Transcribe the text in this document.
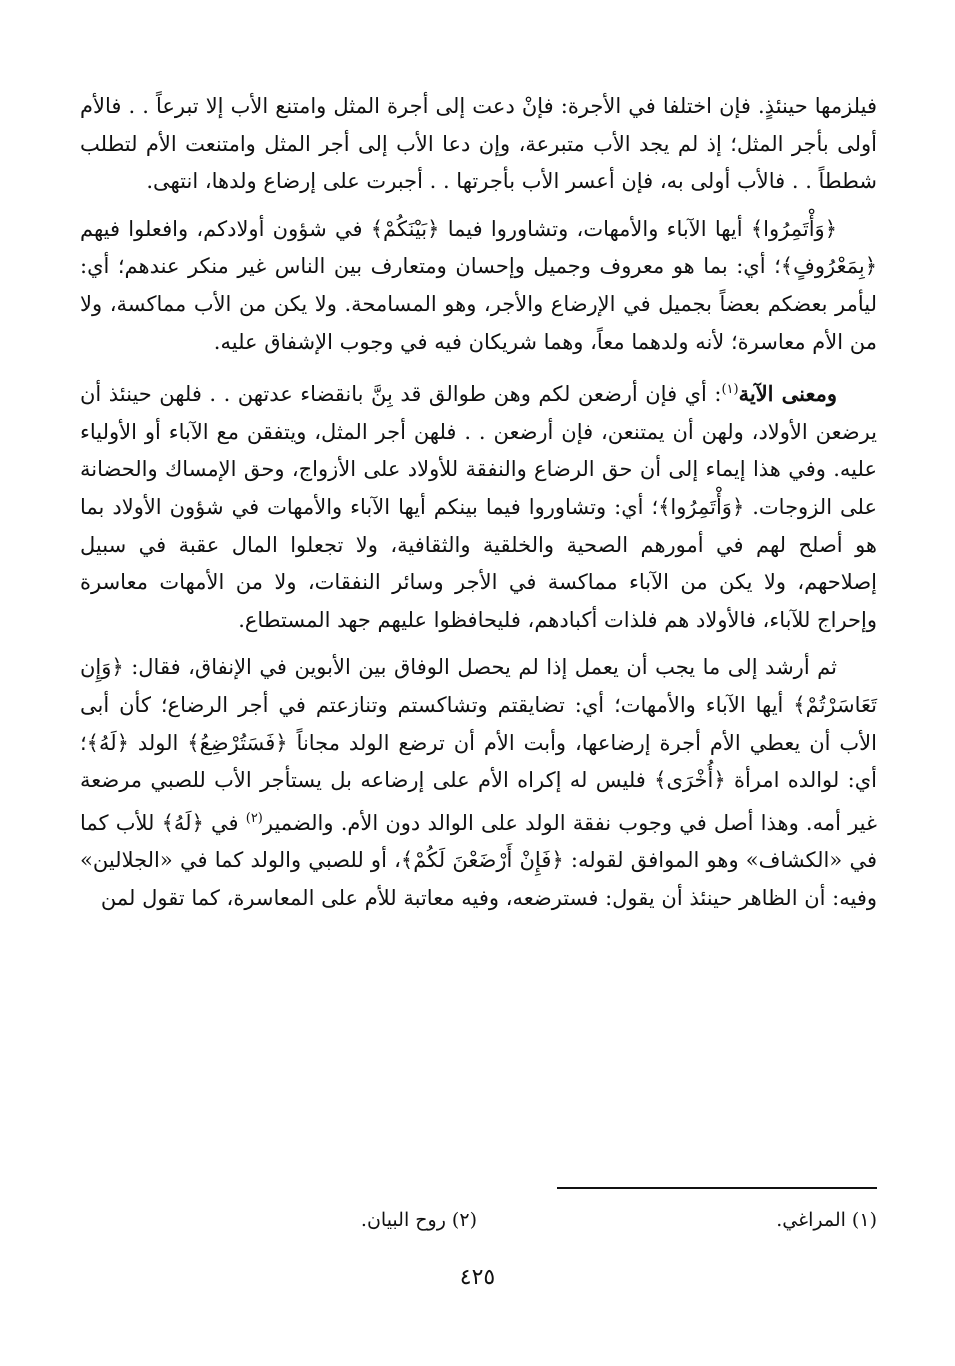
فيلزمها حينئذٍ. فإن اختلفا في الأجرة: فإنْ دعت إلى أجرة المثل وامتنع الأب إلا تبرعاً . . فالأم أولى بأجر المثل؛ إذ لم يجد الأب متبرعة، وإن دعا الأب إلى أجر المثل وامتنعت الأم لتطلب شططاً . . فالأب أولى به، فإن أعسر الأب بأجرتها . . أجبرت على إرضاع ولدها، انتهى.

﴿وَأْتَمِرُوا﴾ أيها الآباء والأمهات، وتشاوروا فيما ﴿بَيْنَكُمْ﴾ في شؤون أولادكم، وافعلوا فيهم ﴿بِمَعْرُوفٍ﴾؛ أي: بما هو معروف وجميل وإحسان ومتعارف بين الناس غير منكر عندهم؛ أي: ليأمر بعضكم بعضاً بجميل في الإرضاع والأجر، وهو المسامحة. ولا يكن من الأب مماكسة، ولا من الأم معاسرة؛ لأنه ولدهما معاً، وهما شريكان فيه في وجوب الإشفاق عليه.

ومعنى الآية$^{(١)}$: أي فإن أرضعن لكم وهن طوالق قد بِنَّ بانقضاء عدتهن . . فلهن حينئذ أن يرضعن الأولاد، ولهن أن يمتنعن، فإن أرضعن . . فلهن أجر المثل، ويتفقن مع الآباء أو الأولياء عليه. وفي هذا إيماء إلى أن حق الرضاع والنفقة للأولاد على الأزواج، وحق الإمساك والحضانة على الزوجات. ﴿وَأْتَمِرُوا﴾؛ أي: وتشاوروا فيما بينكم أيها الآباء والأمهات في شؤون الأولاد بما هو أصلح لهم في أمورهم الصحية والخلقية والثقافية، ولا تجعلوا المال عقبة في سبيل إصلاحهم، ولا يكن من الآباء مماكسة في الأجر وسائر النفقات، ولا من الأمهات معاسرة وإحراج للآباء، فالأولاد هم فلذات أكبادهم، فليحافظوا عليهم جهد المستطاع.

ثم أرشد إلى ما يجب أن يعمل إذا لم يحصل الوفاق بين الأبوين في الإنفاق، فقال: ﴿وَإِن تَعَاسَرْتُمْ﴾ أيها الآباء والأمهات؛ أي: تضايقتم وتشاكستم وتنازعتم في أجر الرضاع؛ كأن أبى الأب أن يعطي الأم أجرة إرضاعها، وأبت الأم أن ترضع الولد مجاناً ﴿فَسَتُرْضِعُ﴾ الولد ﴿لَهُ﴾؛ أي: لوالده امرأة ﴿أُخْرَى﴾ فليس له إكراه الأم على إرضاعه بل يستأجر الأب للصبي مرضعة غير أمه. وهذا أصل في وجوب نفقة الولد على الوالد دون الأم. والضمير$^{(٢)}$ في ﴿لَهُ﴾ للأب كما في «الكشاف» وهو الموافق لقوله: ﴿فَإِنْ أَرْضَعْنَ لَكُمْ﴾، أو للصبي والولد كما في «الجلالين» وفيه: أن الظاهر حينئذ أن يقول: فسترضعه، وفيه معاتبة للأم على المعاسرة، كما تقول لمن

(١) المراغي.
(٢) روح البيان.
٤٢٥
